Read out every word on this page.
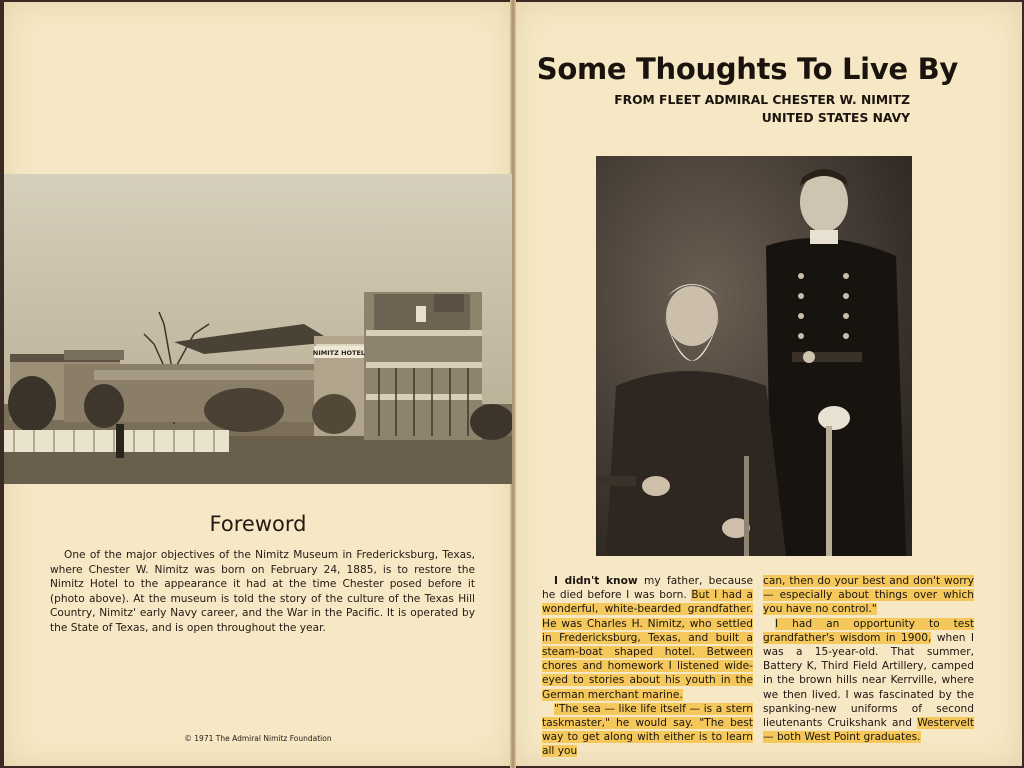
NIMITZ HOTEL
Foreword
One of the major objectives of the Nimitz Museum in Fredericksburg, Texas, where Chester W. Nimitz was born on February 24, 1885, is to restore the Nimitz Hotel to the appearance it had at the time Chester posed before it (photo above). At the museum is told the story of the culture of the Texas Hill Country, Nimitz' early Navy career, and the War in the Pacific. It is operated by the State of Texas, and is open throughout the year.
© 1971 The Admiral Nimitz Foundation
Some Thoughts To Live By
FROM FLEET ADMIRAL CHESTER W. NIMITZ
UNITED STATES NAVY

I didn't know my father, because he died before I was born. But I had a wonderful, white-bearded grandfather. He was Charles H. Nimitz, who settled in Fredericksburg, Texas, and built a steam-boat shaped hotel. Between chores and homework I listened wide-eyed to stories about his youth in the German merchant marine.

"The sea — like life itself — is a stern taskmaster," he would say. "The best way to get along with either is to learn all you

can, then do your best and don't worry — especially about things over which you have no control."

I had an opportunity to test grandfather's wisdom in 1900, when I was a 15-year-old. That summer, Battery K, Third Field Artillery, camped in the brown hills near Kerrville, where we then lived. I was fascinated by the spanking-new uniforms of second lieutenants Cruikshank and Westervelt — both West Point graduates.
